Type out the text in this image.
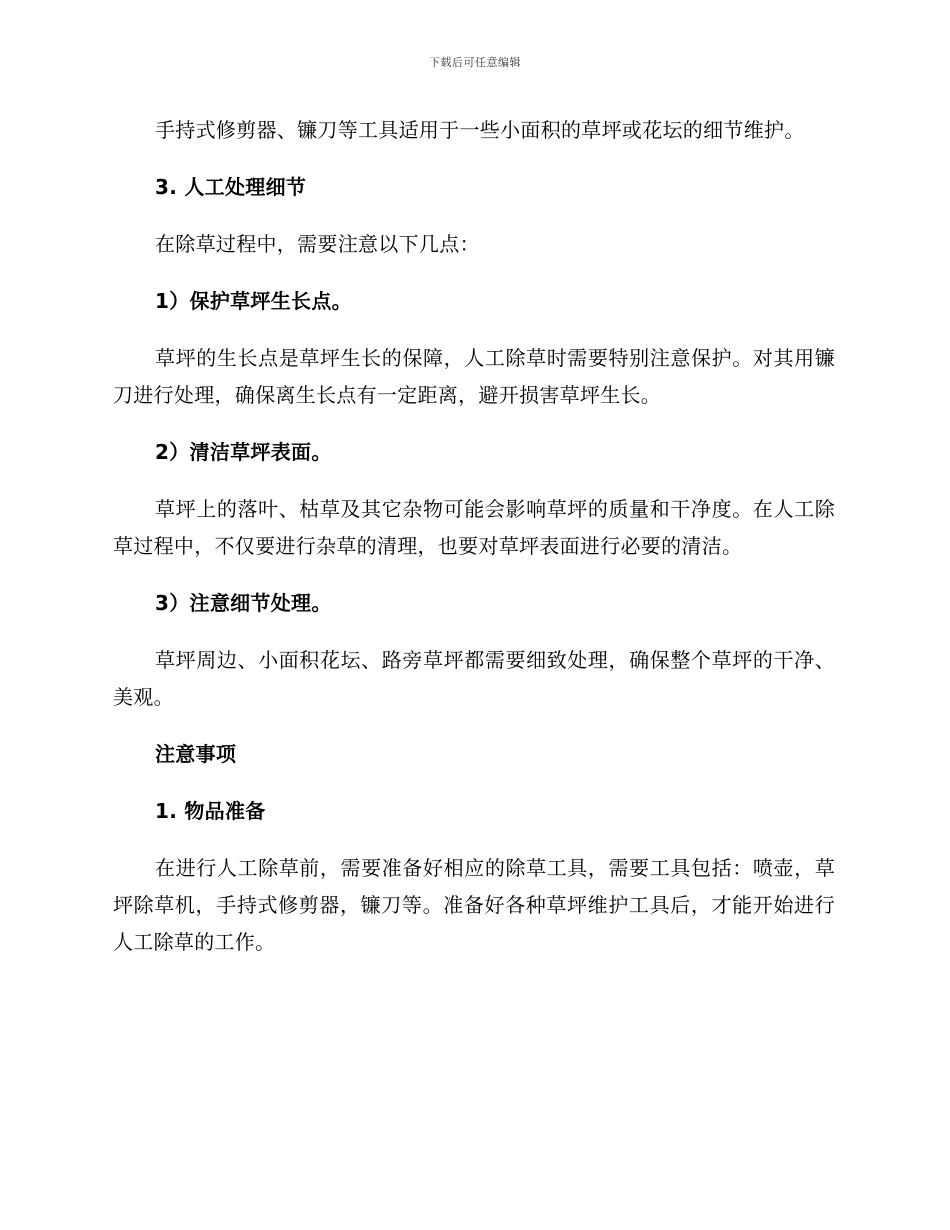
下载后可任意编辑

手持式修剪器、镰刀等工具适用于一些小面积的草坪或花坛的细节维护。

3. 人工处理细节

在除草过程中，需要注意以下几点：

1）保护草坪生长点。

草坪的生长点是草坪生长的保障，人工除草时需要特别注意保护。对其用镰刀进行处理，确保离生长点有一定距离，避开损害草坪生长。

2）清洁草坪表面。

草坪上的落叶、枯草及其它杂物可能会影响草坪的质量和干净度。在人工除草过程中，不仅要进行杂草的清理，也要对草坪表面进行必要的清洁。

3）注意细节处理。

草坪周边、小面积花坛、路旁草坪都需要细致处理，确保整个草坪的干净、美观。

注意事项

1. 物品准备

在进行人工除草前，需要准备好相应的除草工具，需要工具包括：喷壶，草坪除草机，手持式修剪器，镰刀等。准备好各种草坪维护工具后，才能开始进行人工除草的工作。
